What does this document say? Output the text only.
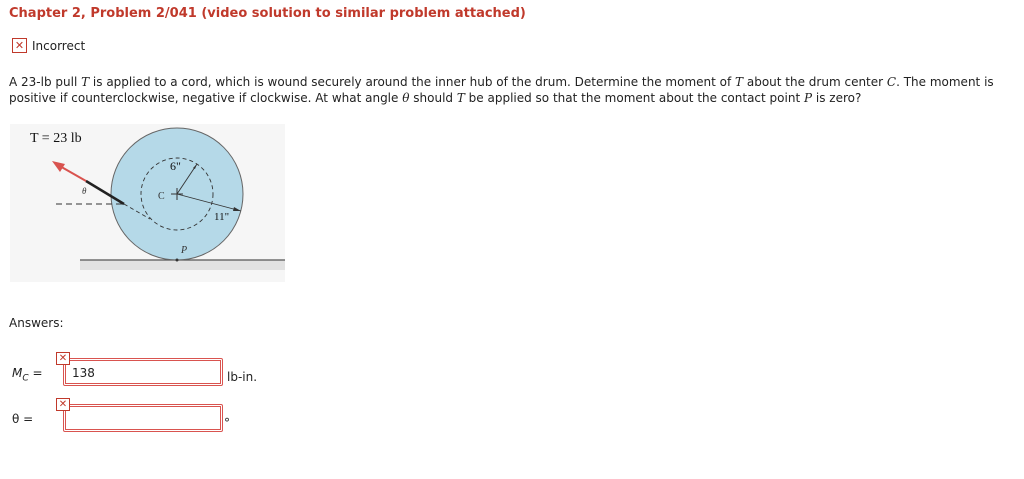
Chapter 2, Problem 2/041 (video solution to similar problem attached)
✕ Incorrect
A 23-lb pull T is applied to a cord, which is wound securely around the inner hub of the drum. Determine the moment of T about the drum center C. The moment is positive if counterclockwise, negative if clockwise. At what angle θ should T be applied so that the moment about the contact point P is zero?
T = 23 lb
θ	C
6"
11"
P
Answers:
$M_C$ =
✕
138
lb-in.
θ =
✕
°
